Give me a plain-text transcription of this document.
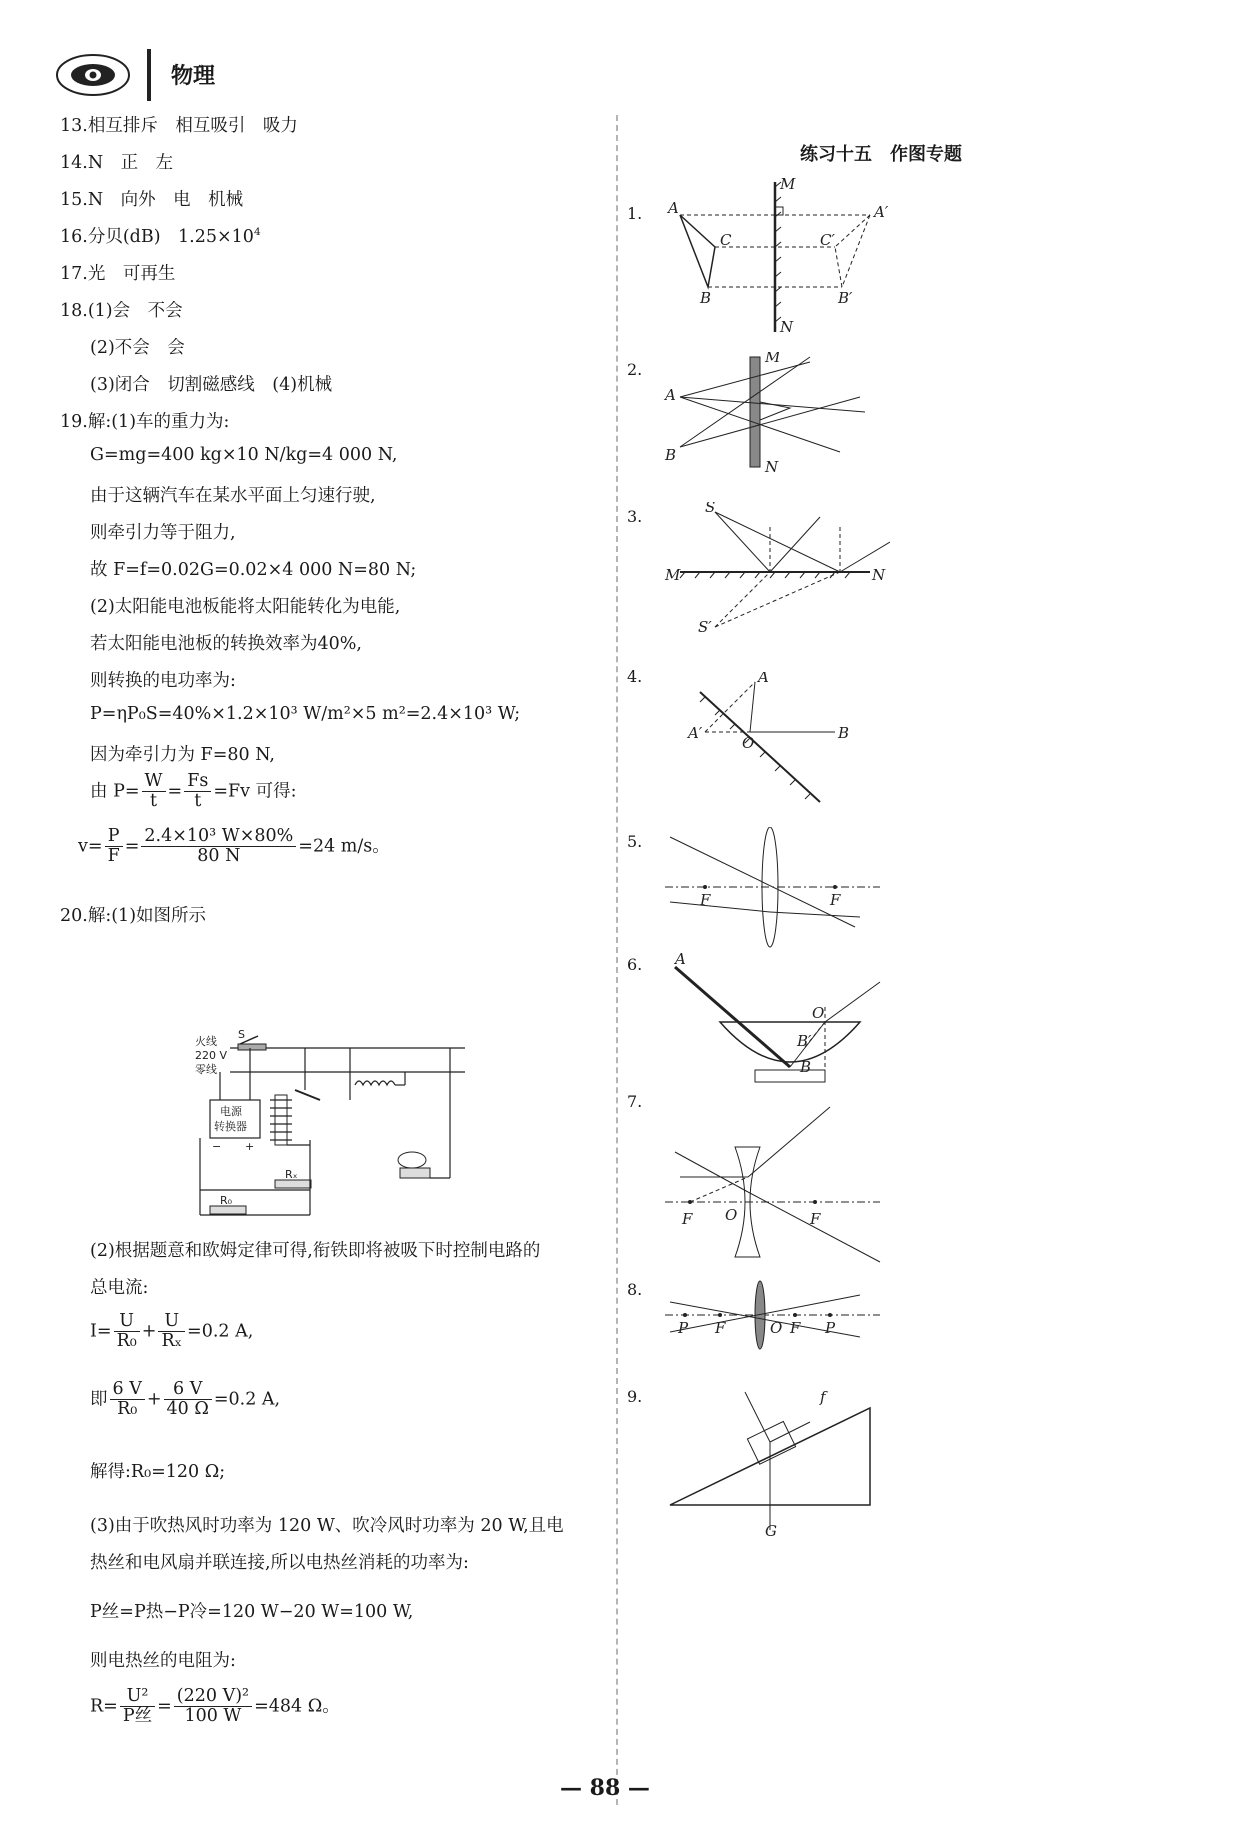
物理
13.相互排斥　相互吸引　吸力
14.N　正　左
15.N　向外　电　机械
16.分贝(dB)　$1.25\times 10^4$
17.光　可再生
18.(1)会　不会
(2)不会　会
(3)闭合　切割磁感线　(4)机械
19.解:(1)车的重力为:
G=mg=400 kg×10 N/kg=4 000 N,
由于这辆汽车在某水平面上匀速行驶,
则牵引力等于阻力,
故 F=f=0.02G=0.02×4 000 N=80 N;
(2)太阳能电池板能将太阳能转化为电能,
若太阳能电池板的转换效率为40%,
则转换的电功率为:
P=ηP₀S=40%×1.2×10³ W/m²×5 m²=2.4×10³ W;
因为牵引力为 F=80 N,
由 $P= \frac{W}{t} = \frac{Fs}{t} =Fv$ 可得:
$v= \frac{P}{F} = \frac{\text{2.4×10³ W×80\%}}{80 N} =24$ m/s。
20.解:(1)如图所示
(2)根据题意和欧姆定律可得,衔铁即将被吸下时控制电路的
总电流:
$I= \frac{U}{\text{R₀}} + \frac{U}{\text{Rₓ}} =0.2$ A,
即 $\frac{6 V}{\text{R₀}} + \frac{6 V}{40 \Omega} =0.2$ A,
解得:R₀=120 Ω;
(3)由于吹热风时功率为 120 W、吹冷风时功率为 20 W,且电
热丝和电风扇并联连接,所以电热丝消耗的功率为:
P丝=P热−P冷=120 W−20 W=100 W,
则电热丝的电阻为:
$R= \frac{\text{U²}}{\text{P丝}} = \frac{\text{(220 V)²}}{100 W} =484$ Ω。
火线
220 V
零线
S
电源
转换器
− +
Rₓ
R₀
练习十五　作图专题
1.
2.
3.
4.
5.
6.
7.
8.
9.
M
A	A′
C	C′
B	B′
N
M
A
B
N
S
M	N
S′
A
A′
O
B
F	F
A
O
B′
B
F O	F
P F	O F P
f
G
— 88 —
